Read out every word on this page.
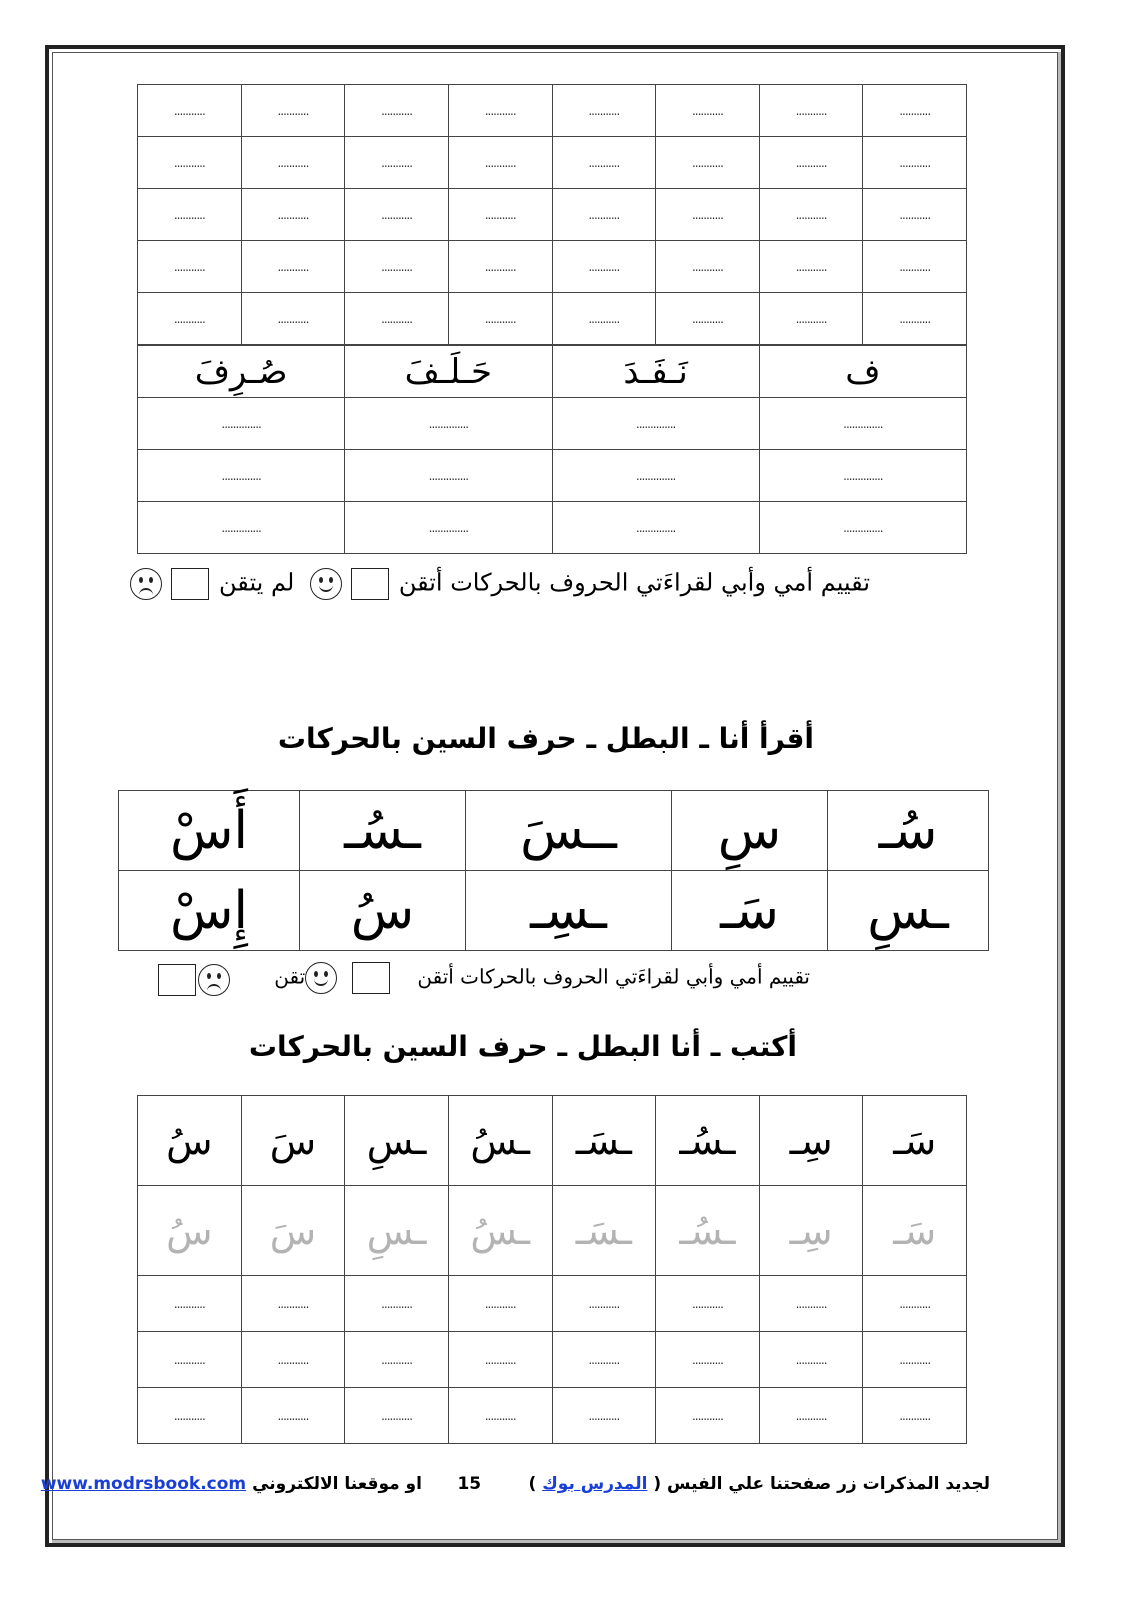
...........	...........	...........	...........	...........	...........	...........	...........
...........	...........	...........	...........	...........	...........	...........	...........
...........	...........	...........	...........	...........	...........	...........	...........
...........	...........	...........	...........	...........	...........	...........	...........
...........	...........	...........	...........	...........	...........	...........	...........
ف	نَـفَـدَ	حَـلَـفَ	صُـرِفَ
..............	..............	..............	..............
..............	..............	..............	..............
..............	..............	..............	..............
تقييم أمي وأبي لقراءَتي الحروف بالحركات أتقن
لم يتقن
أقرأ أنا ـ البطل ـ حرف السين بالحركات
سُـ	سِ	ــسَ	ـسُـ	أَسْ
ـسِ	سَـ	ـسِـ	سُ	إِسْ
تقييم أمي وأبي لقراءَتي الحروف بالحركات أتقن
تقن
أكتب ـ أنا البطل ـ حرف السين بالحركات
سَـ	سِـ	ـسُـ	ـسَـ	ـسُ	ـسِ	سَ	سُ
سَـ	سِـ	ـسُـ	ـسَـ	ـسُ	ـسِ	سَ	سُ
...........	...........	...........	...........	...........	...........	...........	...........
...........	...........	...........	...........	...........	...........	...........	...........
...........	...........	...........	...........	...........	...........	...........	...........
لجديد المذكرات زر صفحتنا علي الفيس ( المدرس بوك )        15      او موقعنا الالكتروني www.modrsbook.com
